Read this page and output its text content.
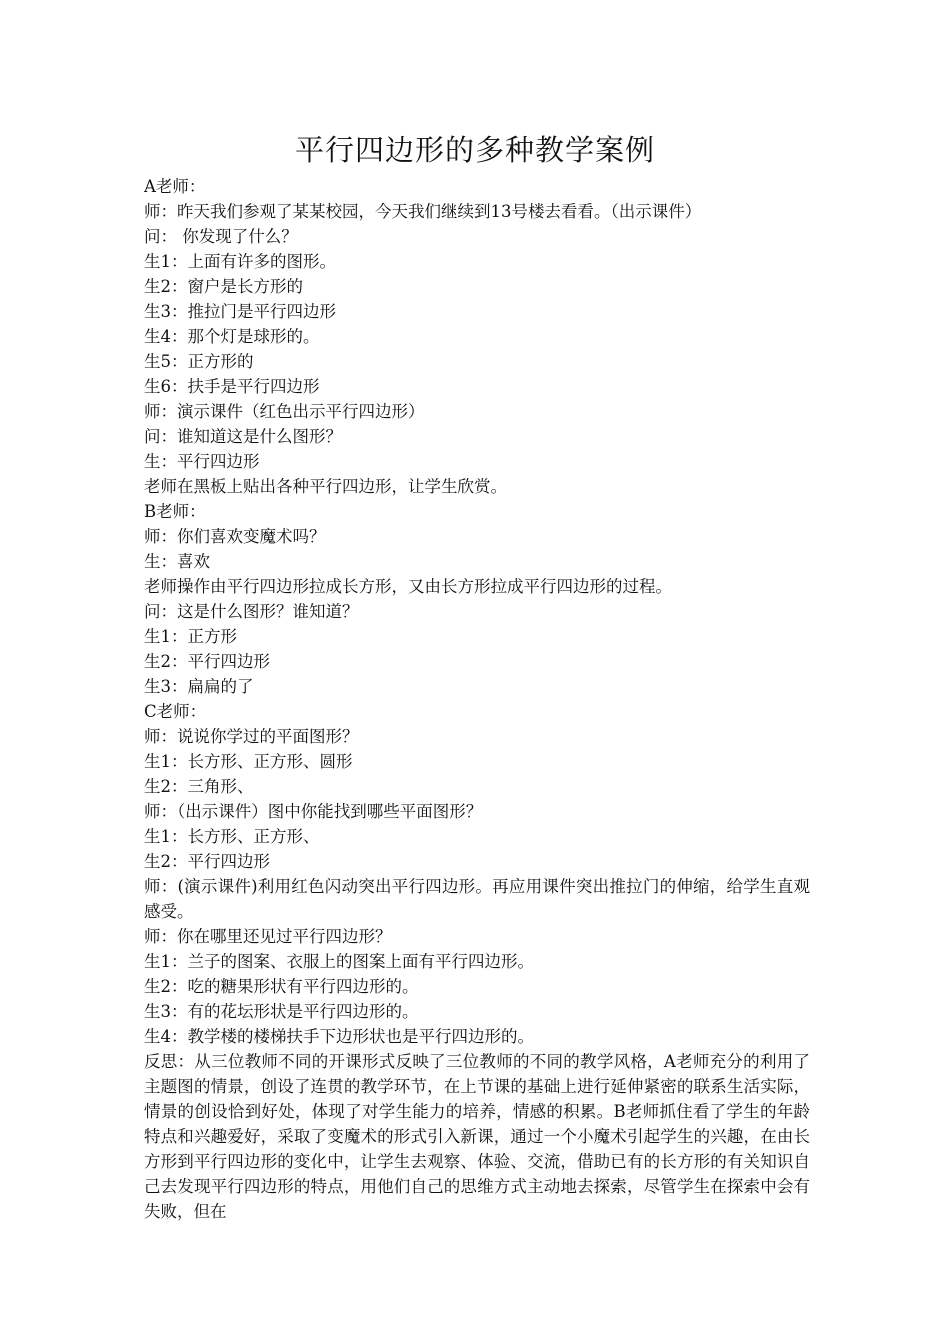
平行四边形的多种教学案例
A老师：
师：昨天我们参观了某某校园，今天我们继续到13号楼去看看。（出示课件）
问： 你发现了什么？
生1：上面有许多的图形。
生2：窗户是长方形的
生3：推拉门是平行四边形
生4：那个灯是球形的。
生5：正方形的
生6：扶手是平行四边形
师：演示课件（红色出示平行四边形）
问：谁知道这是什么图形？
生：平行四边形
老师在黑板上贴出各种平行四边形，让学生欣赏。
B老师：
师：你们喜欢变魔术吗？
生：喜欢
老师操作由平行四边形拉成长方形，又由长方形拉成平行四边形的过程。
问：这是什么图形？谁知道？
生1：正方形
生2：平行四边形
生3：扁扁的了
C老师：
师：说说你学过的平面图形？
生1：长方形、正方形、圆形
生2：三角形、
师：（出示课件）图中你能找到哪些平面图形？
生1：长方形、正方形、
生2：平行四边形
师：(演示课件)利用红色闪动突出平行四边形。再应用课件突出推拉门的伸缩，给学生直观感受。
师：你在哪里还见过平行四边形？
生1：兰子的图案、衣服上的图案上面有平行四边形。
生2：吃的糖果形状有平行四边形的。
生3：有的花坛形状是平行四边形的。
生4：教学楼的楼梯扶手下边形状也是平行四边形的。
反思：从三位教师不同的开课形式反映了三位教师的不同的教学风格，A老师充分的利用了主题图的情景，创设了连贯的教学环节，在上节课的基础上进行延伸紧密的联系生活实际，情景的创设恰到好处，体现了对学生能力的培养，情感的积累。B老师抓住看了学生的年龄特点和兴趣爱好，采取了变魔术的形式引入新课，通过一个小魔术引起学生的兴趣，在由长方形到平行四边形的变化中，让学生去观察、体验、交流，借助已有的长方形的有关知识自己去发现平行四边形的特点，用他们自己的思维方式主动地去探索，尽管学生在探索中会有失败，但在
